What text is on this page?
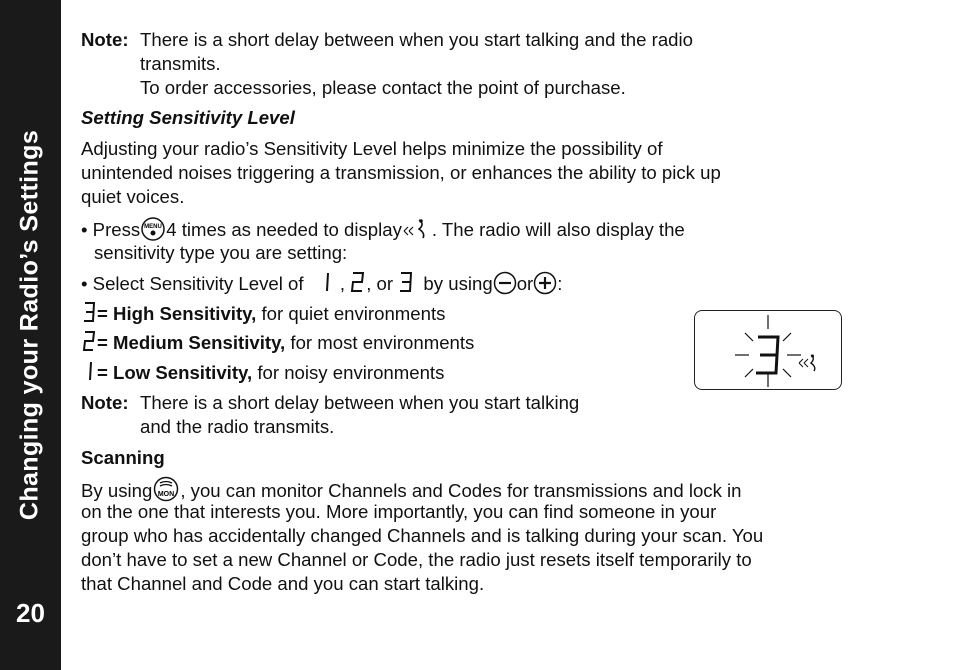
Changing your Radio’s Settings
20
Note: There is a short delay between when you start talking and the radio
transmits.
To order accessories, please contact the point of purchase.
Setting Sensitivity Level
Adjusting your radio’s Sensitivity Level helps minimize the possibility of
unintended noises triggering a transmission, or enhances the ability to pick up
quiet voices.
• Press MENU 4 times as needed to display . The radio will also display the
sensitivity type you are setting:
• Select Sensitivity Level of , , or by using or :
= High Sensitivity, for quiet environments
= Medium Sensitivity, for most environments
= Low Sensitivity, for noisy environments
Note: There is a short delay between when you start talking
and the radio transmits.
Scanning
By using MON , you can monitor Channels and Codes for transmissions and lock in
on the one that interests you. More importantly, you can find someone in your
group who has accidentally changed Channels and is talking during your scan. You
don’t have to set a new Channel or Code, the radio just resets itself temporarily to
that Channel and Code and you can start talking.
